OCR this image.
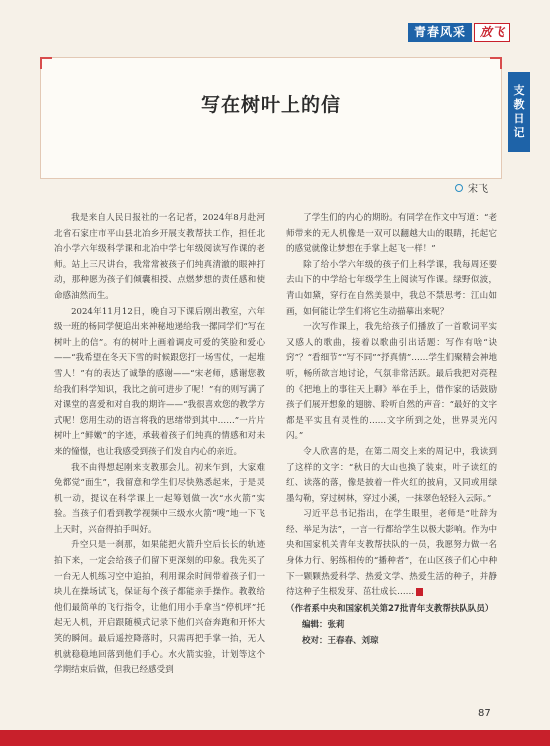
青春风采	放飞
支
教
日
记
写在树叶上的信
宋飞

我是来自人民日报社的一名记者，2024年8月赴河北省石家庄市平山县北冶乡开展支教帮扶工作，担任北冶小学六年级科学课和北冶中学七年级阅读写作课的老师。站上三尺讲台，我常常被孩子们纯真清澈的眼神打动，那种愿为孩子们倾囊相授、点燃梦想的责任感和使命感油然而生。

2024年11月12日，晚自习下课后刚出教室，六年级一班的杨同学便追出来神秘地递给我一摞同学们“写在树叶上的信”。有的树叶上画着调皮可爱的笑脸和爱心——“我希望在冬天下雪的时候跟您打一场雪仗，一起堆雪人！”有的表达了诚挚的感谢——“宋老师，感谢您教给我们科学知识，我比之前可进步了呢！”有的则写满了对课堂的喜爱和对自我的期许——“我很喜欢您的教学方式呢！您用生动的语言将我的思绪带到其中……”一片片树叶上“鲜嫩”的字迹，承载着孩子们纯真的情感和对未来的憧憬，也让我感受到孩子们发自内心的亲近。

我不由得想起刚来支教那会儿。初来乍到，大家难免都觉“面生”，我留意和学生们尽快熟悉起来，于是灵机一动，提议在科学课上一起筹划做一次“水火箭”实验。当孩子们看到教学视频中三级水火箭“嗖”地一下飞上天时，兴奋得拍手叫好。

升空只是一刹那，如果能把火箭升空后长长的轨迹拍下来，一定会给孩子们留下更深刻的印象。我先买了一台无人机练习空中追拍，利用课余时间带着孩子们一块儿在操场试飞，保证每个孩子都能亲手操作。教教给他们最简单的飞行指令，让他们用小手拿当“停机坪”托起无人机，开启跟随模式记录下他们兴奋奔跑和开怀大笑的瞬间。最后遥控降落时，只需再把手掌一抬，无人机就稳稳地回落到他们手心。水火箭实验，计划等这个学期结束后做，但我已经感受到

了学生们的内心的期盼。有同学在作文中写道：“老师带来的无人机像是一双可以翻越大山的眼睛，托起它的感觉就像让梦想在手掌上起飞一样！”

除了给小学六年级的孩子们上科学课，我每周还要去山下的中学给七年级学生上阅读写作课。绿野似波，青山如黛，穿行在自然美景中，我总不禁思考：江山如画，如何能让学生们将它生动描摹出来呢？

一次写作课上，我先给孩子们播放了一首歌词平实又感人的歌曲，接着以歌曲引出话题：写作有啥“诀窍”？“看细节”“写不同”“抒真情”……学生们聚精会神地听，畅所欲言地讨论，气氛非常活跃。最后我把对亮程的《把地上的事往天上聊》举在手上，借作家的话鼓励孩子们展开想象的翅膀、聆听自然的声音：“最好的文字都是平实且有灵性的……文字所到之处，世界灵光闪闪。”

令人欣喜的是，在第二周交上来的周记中，我读到了这样的文字：“秋日的大山也换了装束，叶子读红的红、读落的落，像是披着一件火红的披肩，又同或用绿墨勾勒，穿过树林，穿过小溪，一抹翠色轻轻入云际。”

习近平总书记指出，在学生眼里，老师是“吐辞为经、举足为法”，一言一行都给学生以极大影响。作为中央和国家机关青年支教帮扶队的一员，我愿努力做一名身体力行、躬练相传的“播种者”，在山区孩子们心中种下一颗颗热爱科学、热爱文学、热爱生活的种子，并静待这种子生根发芽、茁壮成长……

（作者系中央和国家机关第27批青年支教帮扶队队员）
编辑：张莉
校对：王春春、刘琼
87
